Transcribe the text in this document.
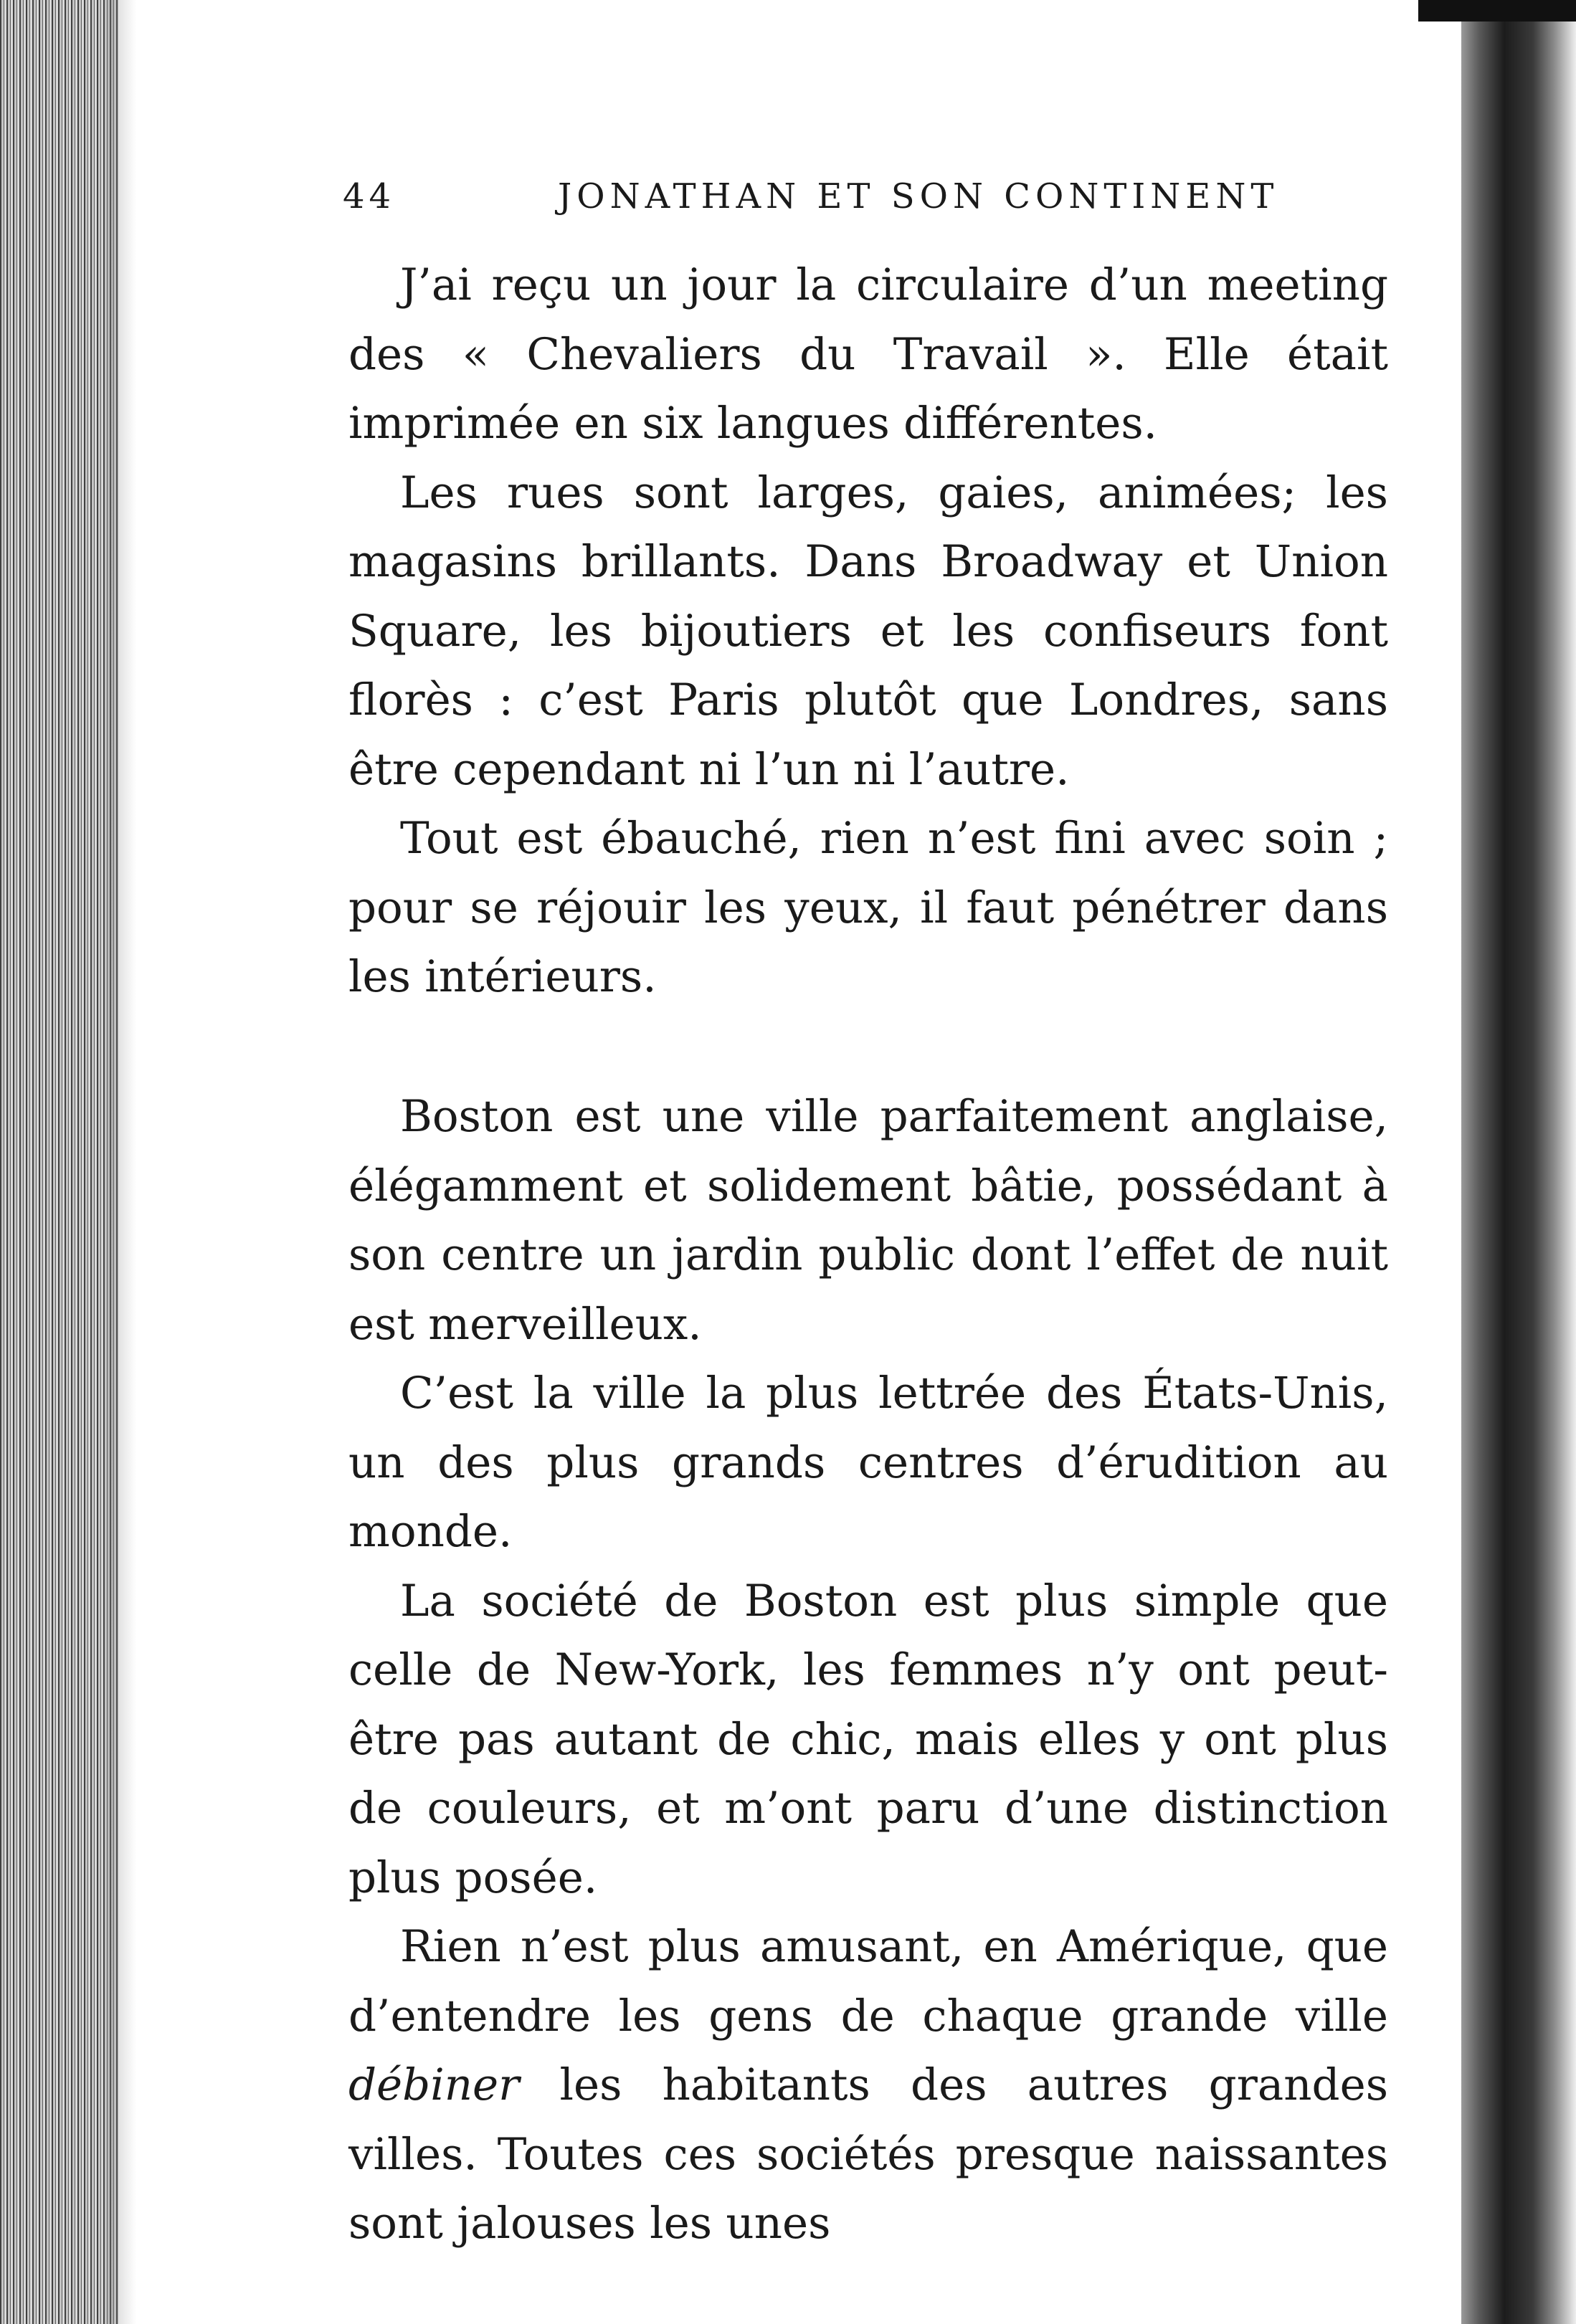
44	JONATHAN ET SON CONTINENT

J’ai reçu un jour la circulaire d’un meeting des « Chevaliers du Travail ». Elle était imprimée en six langues différentes.

Les rues sont larges, gaies, animées; les magasins brillants. Dans Broadway et Union Square, les bijoutiers et les confiseurs font florès : c’est Paris plutôt que Londres, sans être cependant ni l’un ni l’autre.

Tout est ébauché, rien n’est fini avec soin ; pour se réjouir les yeux, il faut pénétrer dans les intérieurs.

Boston est une ville parfaitement anglaise, élégamment et solidement bâtie, possédant à son centre un jardin public dont l’effet de nuit est merveilleux.

C’est la ville la plus lettrée des États-Unis, un des plus grands centres d’érudition au monde.

La société de Boston est plus simple que celle de New-York, les femmes n’y ont peut-être pas autant de chic, mais elles y ont plus de couleurs, et m’ont paru d’une distinction plus posée.

Rien n’est plus amusant, en Amérique, que d’entendre les gens de chaque grande ville débiner les habitants des autres grandes villes. Toutes ces sociétés presque naissantes sont jalouses les unes
